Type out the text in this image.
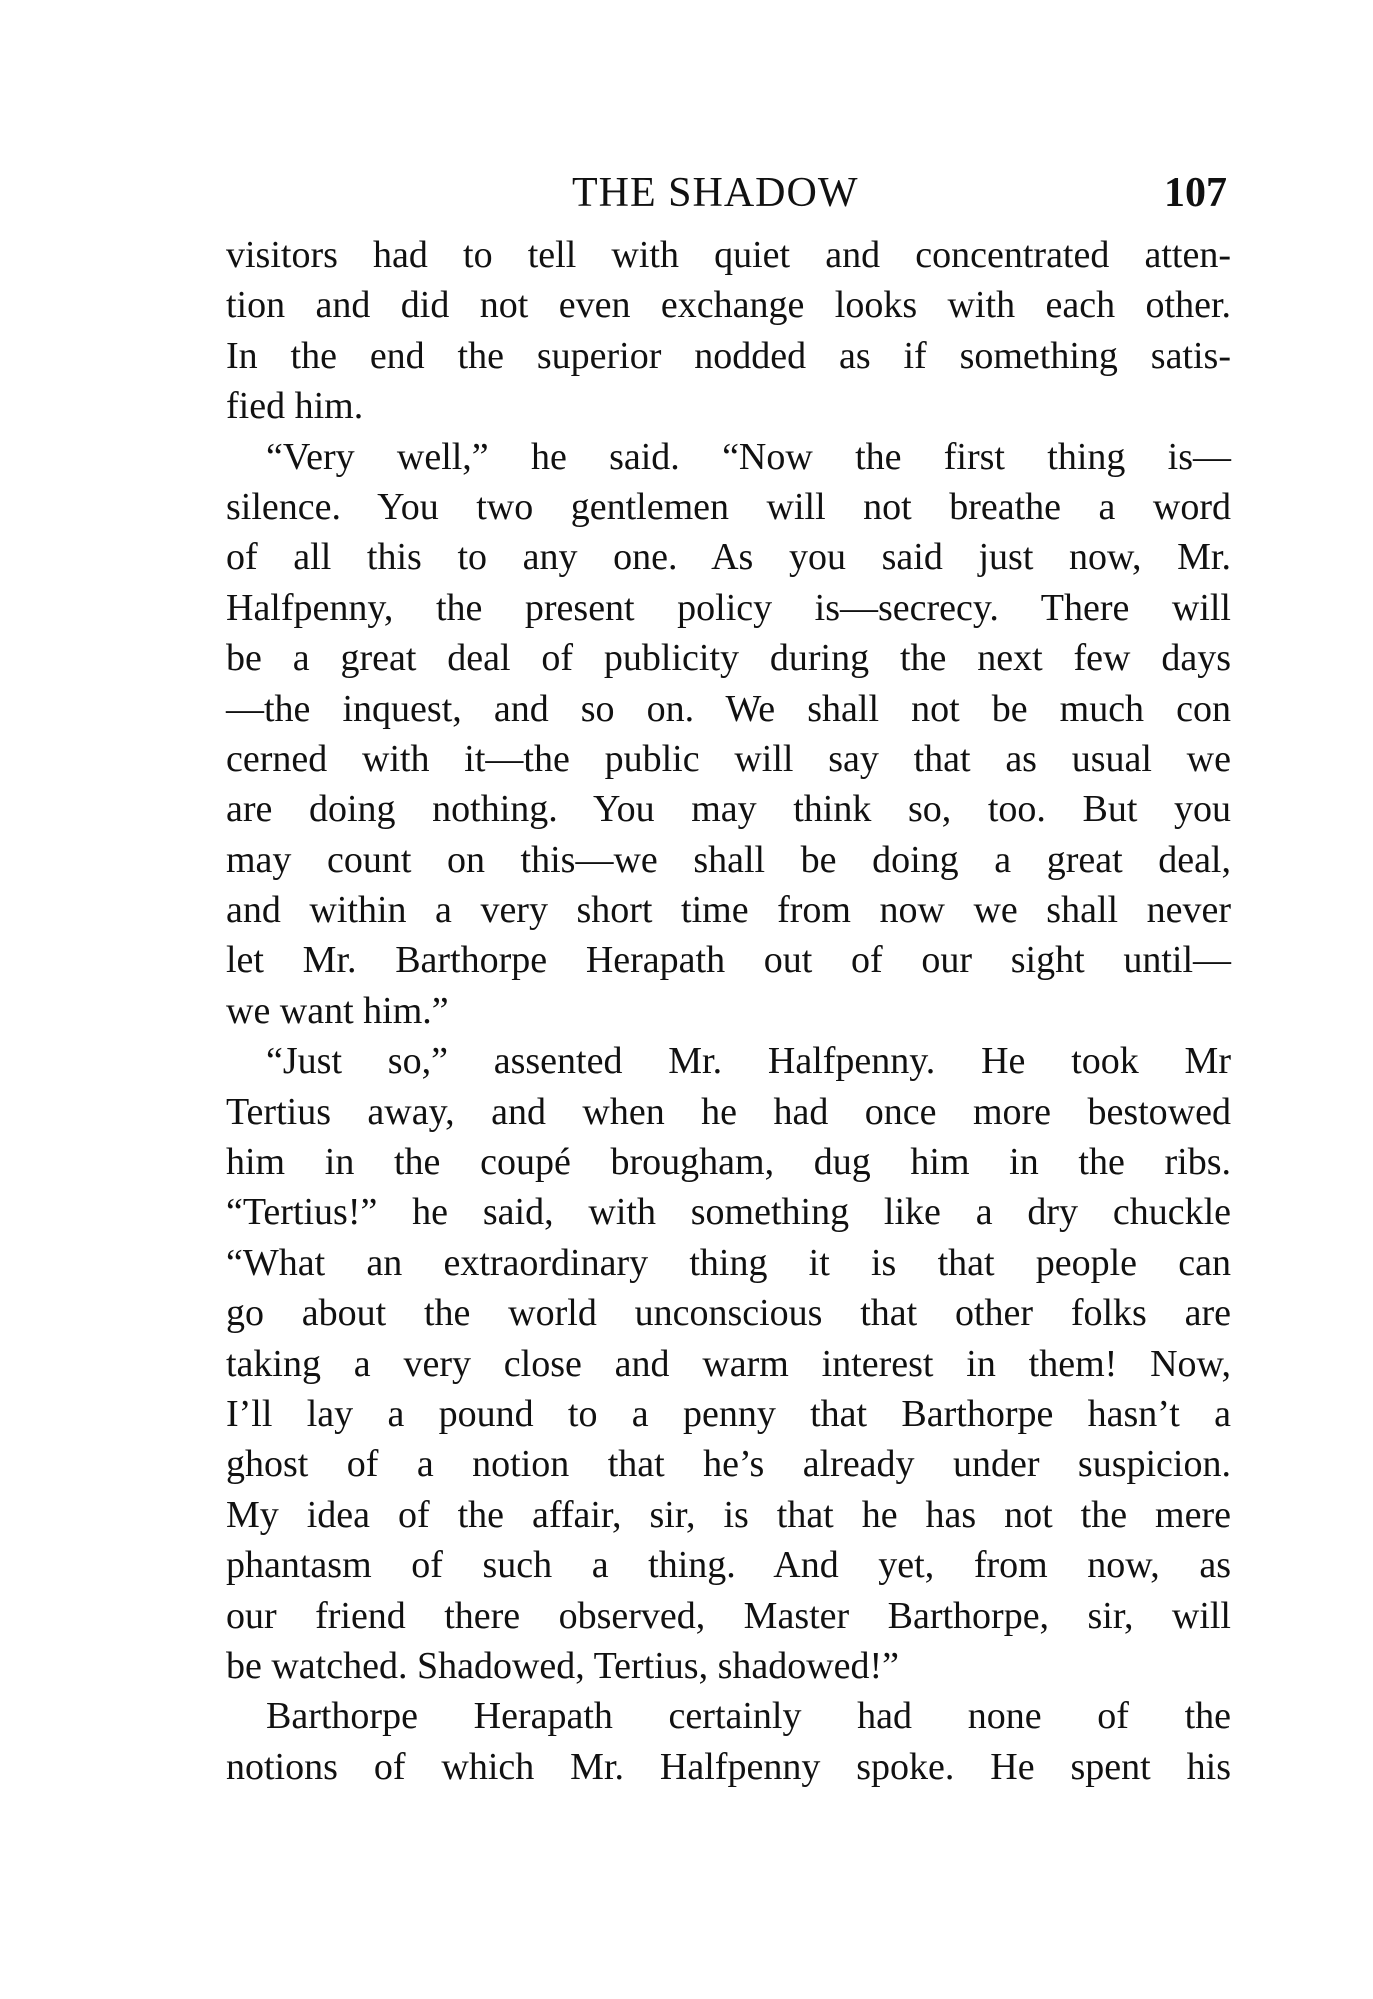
THE SHADOW	107
visitors had to tell with quiet and concentrated atten-
tion and did not even exchange looks with each other.
In the end the superior nodded as if something satis-
fied him.
“Very well,” he said. “Now the first thing is—
silence. You two gentlemen will not breathe a word
of all this to any one. As you said just now, Mr.
Halfpenny, the present policy is—secrecy. There will
be a great deal of publicity during the next few days
—the inquest, and so on. We shall not be much con
cerned with it—the public will say that as usual we
are doing nothing. You may think so, too. But you
may count on this—we shall be doing a great deal,
and within a very short time from now we shall never
let Mr. Barthorpe Herapath out of our sight until—
we want him.”
“Just so,” assented Mr. Halfpenny. He took Mr
Tertius away, and when he had once more bestowed
him in the coupé brougham, dug him in the ribs.
“Tertius!” he said, with something like a dry chuckle
“What an extraordinary thing it is that people can
go about the world unconscious that other folks are
taking a very close and warm interest in them! Now,
I’ll lay a pound to a penny that Barthorpe hasn’t a
ghost of a notion that he’s already under suspicion.
My idea of the affair, sir, is that he has not the mere
phantasm of such a thing. And yet, from now, as
our friend there observed, Master Barthorpe, sir, will
be watched. Shadowed, Tertius, shadowed!”
Barthorpe Herapath certainly had none of the
notions of which Mr. Halfpenny spoke. He spent his
